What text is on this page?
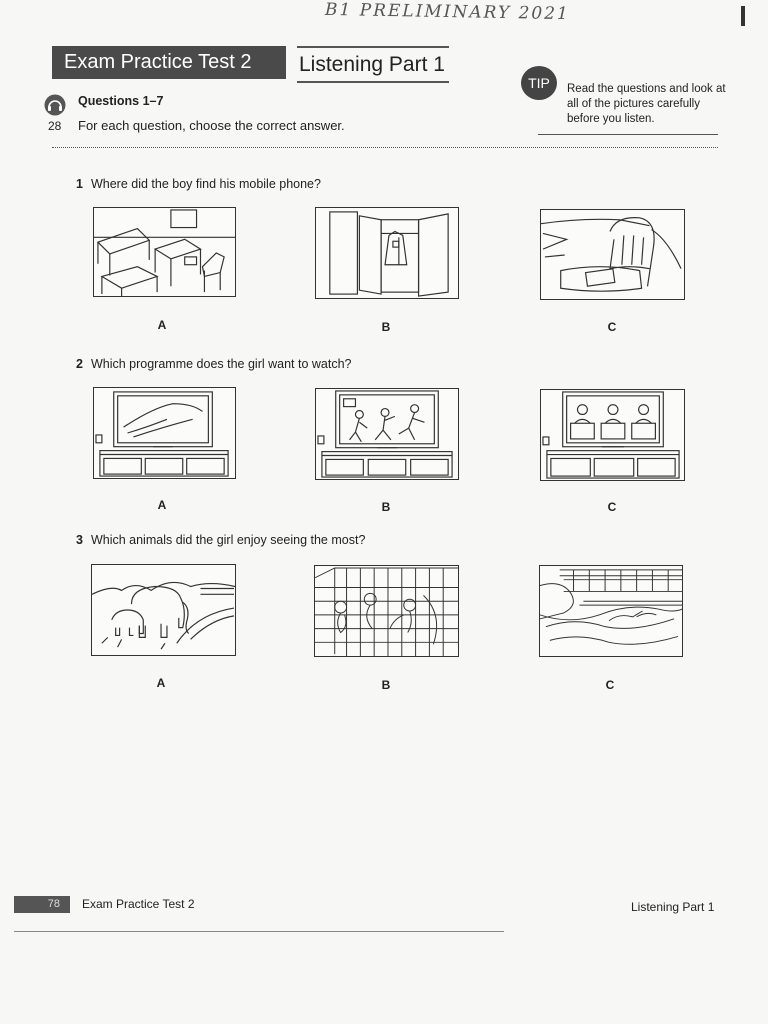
B1 PRELIMINARY 2021
Exam Practice Test 2	Listening Part 1
Questions 1–7
28 For each question, choose the correct answer.
TIP	Read the questions and look at all of the pictures carefully before you listen.
1 Where did the boy find his mobile phone?
A	B	C
2 Which programme does the girl want to watch?
A	B	C
3 Which animals did the girl enjoy seeing the most?
A	B	C
78	Exam Practice Test 2	Listening Part 1
